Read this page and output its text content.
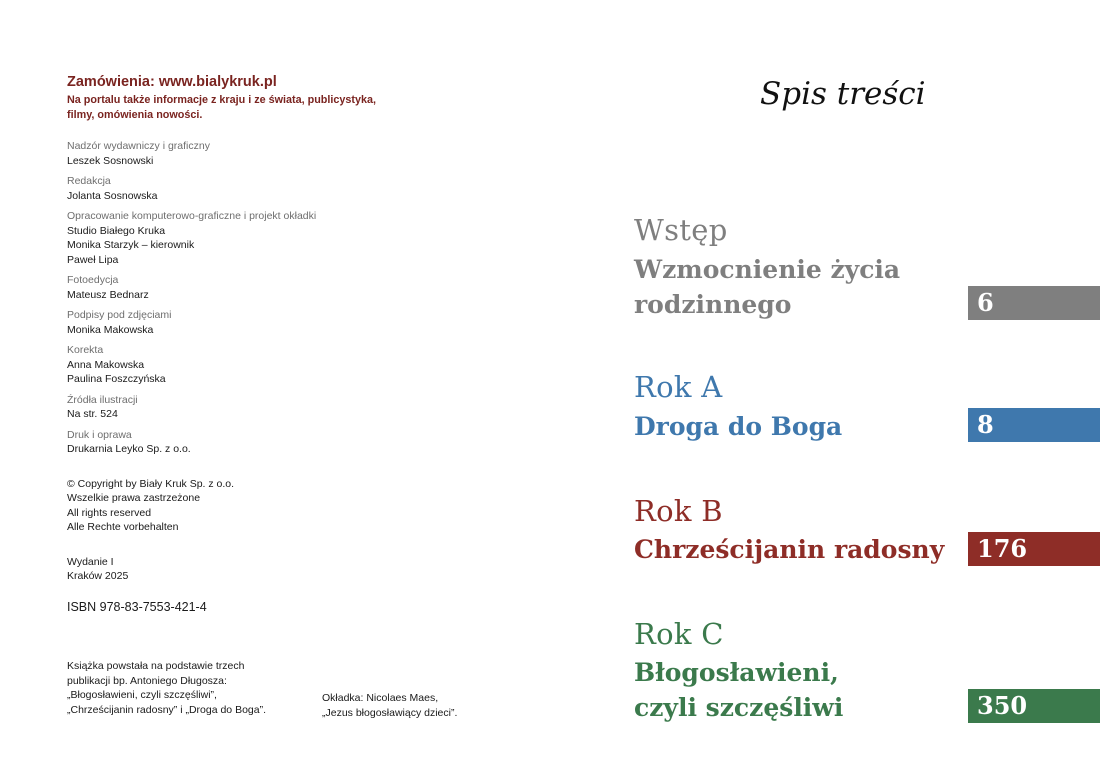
Zamówienia: www.bialykruk.pl

Na portalu także informacje z kraju i ze świata, publicystyka, filmy, omówienia nowości.

Nadzór wydawniczy i graficzny
Leszek Sosnowski
Redakcja
Jolanta Sosnowska
Opracowanie komputerowo-graficzne i projekt okładki
Studio Białego Kruka
Monika Starzyk – kierownik
Paweł Lipa
Fotoedycja
Mateusz Bednarz
Podpisy pod zdjęciami
Monika Makowska
Korekta
Anna Makowska
Paulina Foszczyńska
Źródła ilustracji
Na str. 524
Druk i oprawa
Drukarnia Leyko Sp. z o.o.
© Copyright by Biały Kruk Sp. z o.o.
Wszelkie prawa zastrzeżone
All rights reserved
Alle Rechte vorbehalten
Wydanie I
Kraków 2025
ISBN 978-83-7553-421-4
Książka powstała na podstawie trzech
publikacji bp. Antoniego Długosza:
„Błogosławieni, czyli szczęśliwi”,
„Chrześcijanin radosny” i „Droga do Boga”.
Okładka: Nicolaes Maes,
„Jezus błogosławiący dzieci”.
Spis treści
Wstęp
Wzmocnienie życia
rodzinnego	6
Rok A
Droga do Boga	8
Rok B
Chrześcijanin radosny	176
Rok C
Błogosławieni,
czyli szczęśliwi	350
